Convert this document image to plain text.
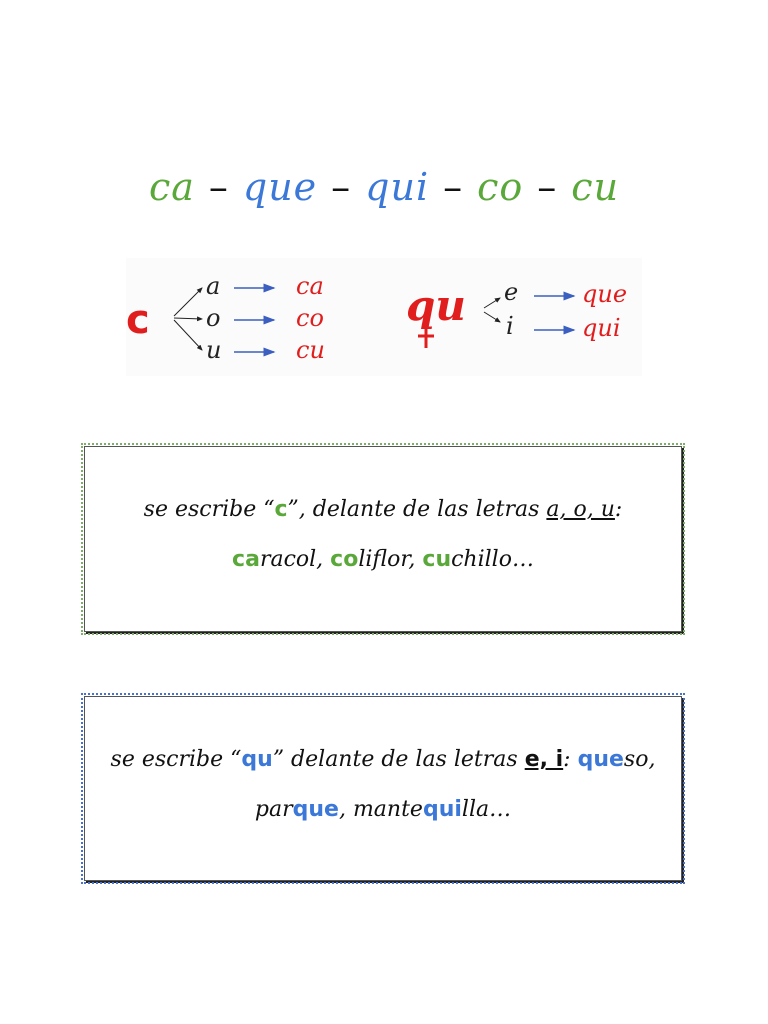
ca – que – qui – co – cu
c
a
o
u
ca
co
cu
qu e
i
que
qui
se escribe “c”, delante de las letras a, o, u:
caracol, coliflor, cuchillo…
se escribe “qu” delante de las letras e, i: queso,
parque, mantequilla…
